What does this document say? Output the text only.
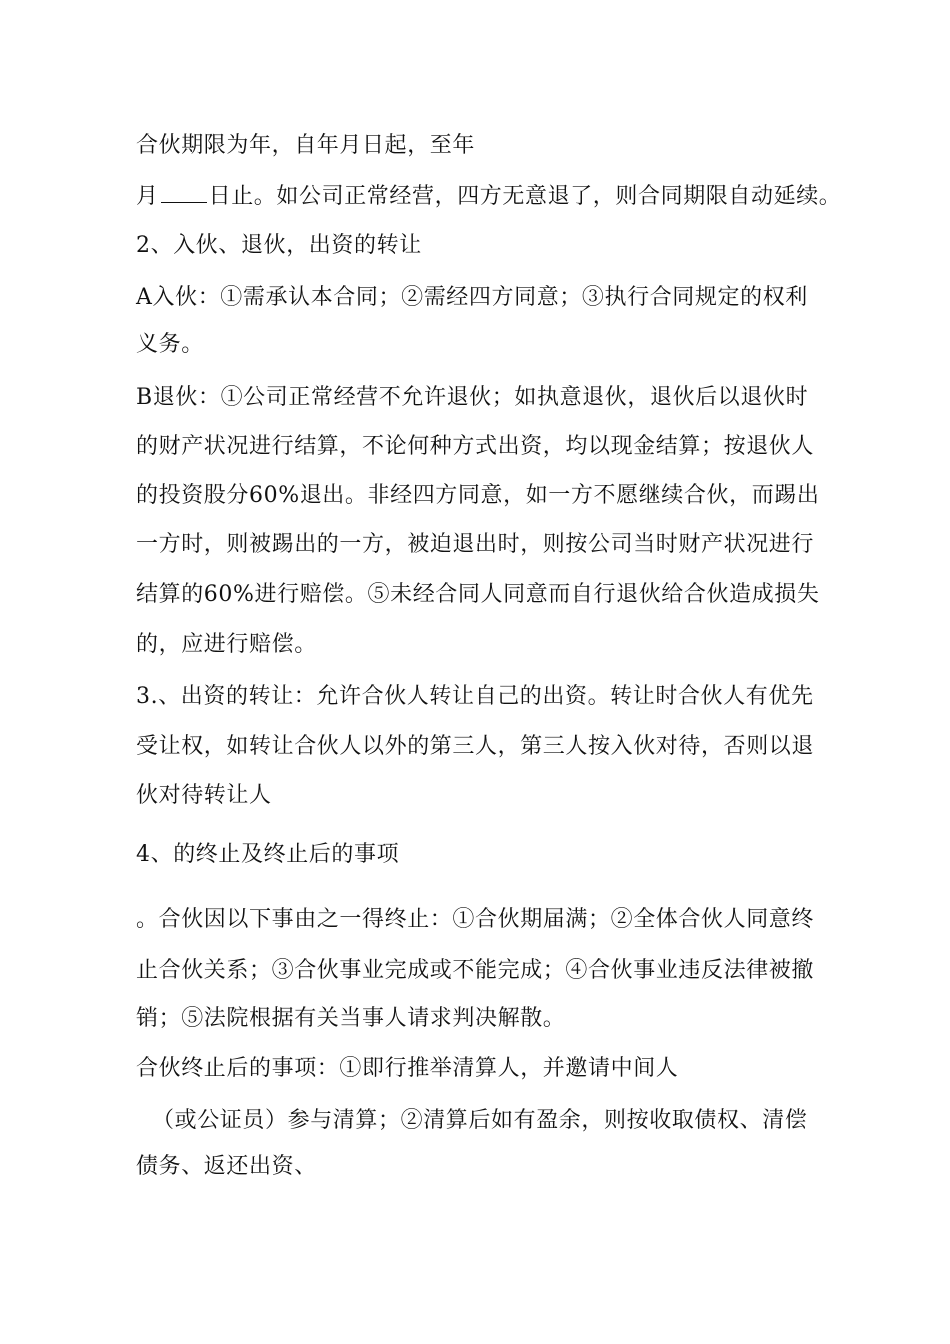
合伙期限为年，自年月日起，至年
月 日止。如公司正常经营，四方无意退了，则合同期限自动延续。
2、入伙、退伙，出资的转让
A入伙：①需承认本合同；②需经四方同意；③执行合同规定的权利
义务。
B退伙：①公司正常经营不允许退伙；如执意退伙，退伙后以退伙时
的财产状况进行结算，不论何种方式出资，均以现金结算；按退伙人
的投资股分60%退出。非经四方同意，如一方不愿继续合伙，而踢出
一方时，则被踢出的一方，被迫退出时，则按公司当时财产状况进行
结算的60%进行赔偿。⑤未经合同人同意而自行退伙给合伙造成损失
的，应进行赔偿。
3.、出资的转让：允许合伙人转让自己的出资。转让时合伙人有优先
受让权，如转让合伙人以外的第三人，第三人按入伙对待，否则以退
伙对待转让人
4、的终止及终止后的事项
。合伙因以下事由之一得终止：①合伙期届满；②全体合伙人同意终
止合伙关系；③合伙事业完成或不能完成；④合伙事业违反法律被撤
销；⑤法院根据有关当事人请求判决解散。
合伙终止后的事项：①即行推举清算人，并邀请中间人
（或公证员）参与清算；②清算后如有盈余，则按收取债权、清偿
债务、返还出资、
